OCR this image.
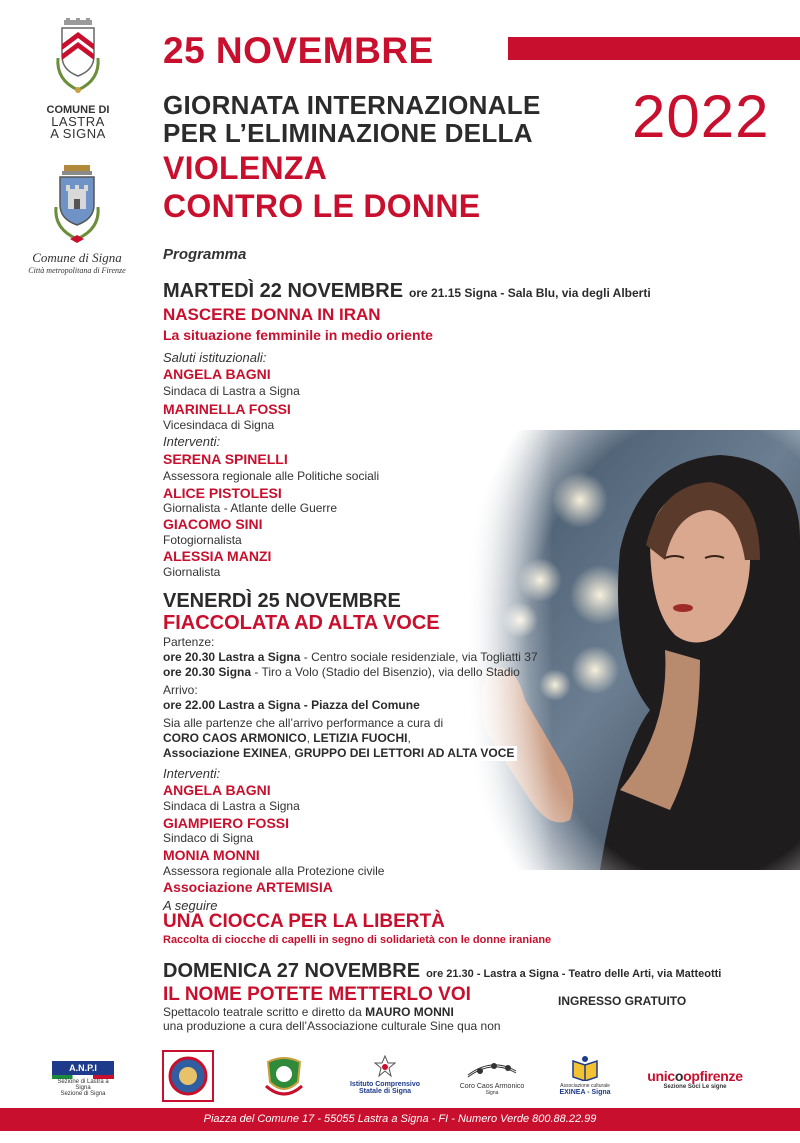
25 NOVEMBRE
GIORNATA INTERNAZIONALE
PER L’ELIMINAZIONE DELLA
VIOLENZA
CONTRO LE DONNE
2022
COMUNE DI
LASTRA
A SIGNA
Comune di Signa
Città metropolitana di Firenze
Programma
MARTEDÌ 22 NOVEMBRE ore 21.15 Signa - Sala Blu, via degli Alberti
NASCERE DONNA IN IRAN
La situazione femminile in medio oriente
Saluti istituzionali:
ANGELA BAGNI
Sindaca di Lastra a Signa
MARINELLA FOSSI
Vicesindaca di Signa
Interventi:
SERENA SPINELLI
Assessora regionale alle Politiche sociali
ALICE PISTOLESI
Giornalista - Atlante delle Guerre
GIACOMO SINI
Fotogiornalista
ALESSIA MANZI
Giornalista
VENERDÌ 25 NOVEMBRE
FIACCOLATA AD ALTA VOCE
Partenze:
ore 20.30 Lastra a Signa - Centro sociale residenziale, via Togliatti 37
ore 20.30 Signa - Tiro a Volo (Stadio del Bisenzio), via dello Stadio
Arrivo:
ore 22.00 Lastra a Signa - Piazza del Comune
Sia alle partenze che all’arrivo performance a cura di
CORO CAOS ARMONICO, LETIZIA FUOCHI,
Associazione EXINEA, GRUPPO DEI LETTORI AD ALTA VOCE
Interventi:
ANGELA BAGNI
Sindaca di Lastra a Signa
GIAMPIERO FOSSI
Sindaco di Signa
MONIA MONNI
Assessora regionale alla Protezione civile
Associazione ARTEMISIA
A seguire
UNA CIOCCA PER LA LIBERTÀ
Raccolta di ciocche di capelli in segno di solidarietà con le donne iraniane
DOMENICA 27 NOVEMBRE ore 21.30 - Lastra a Signa - Teatro delle Arti, via Matteotti
IL NOME POTETE METTERLO VOI	INGRESSO GRATUITO
Spettacolo teatrale scritto e diretto da MAURO MONNI
una produzione a cura dell’Associazione culturale Sine qua non
A.N.P.I
Sezione di Lastra a Signa
Sezione di Signa
Istituto Comprensivo
Statale di Signa
Coro Caos Armonico
Signa
Associazione culturale
EXINEA - Signa
unicoopfirenze
Sezione Soci Le signe
Piazza del Comune 17 - 55055 Lastra a Signa - FI - Numero Verde 800.88.22.99
